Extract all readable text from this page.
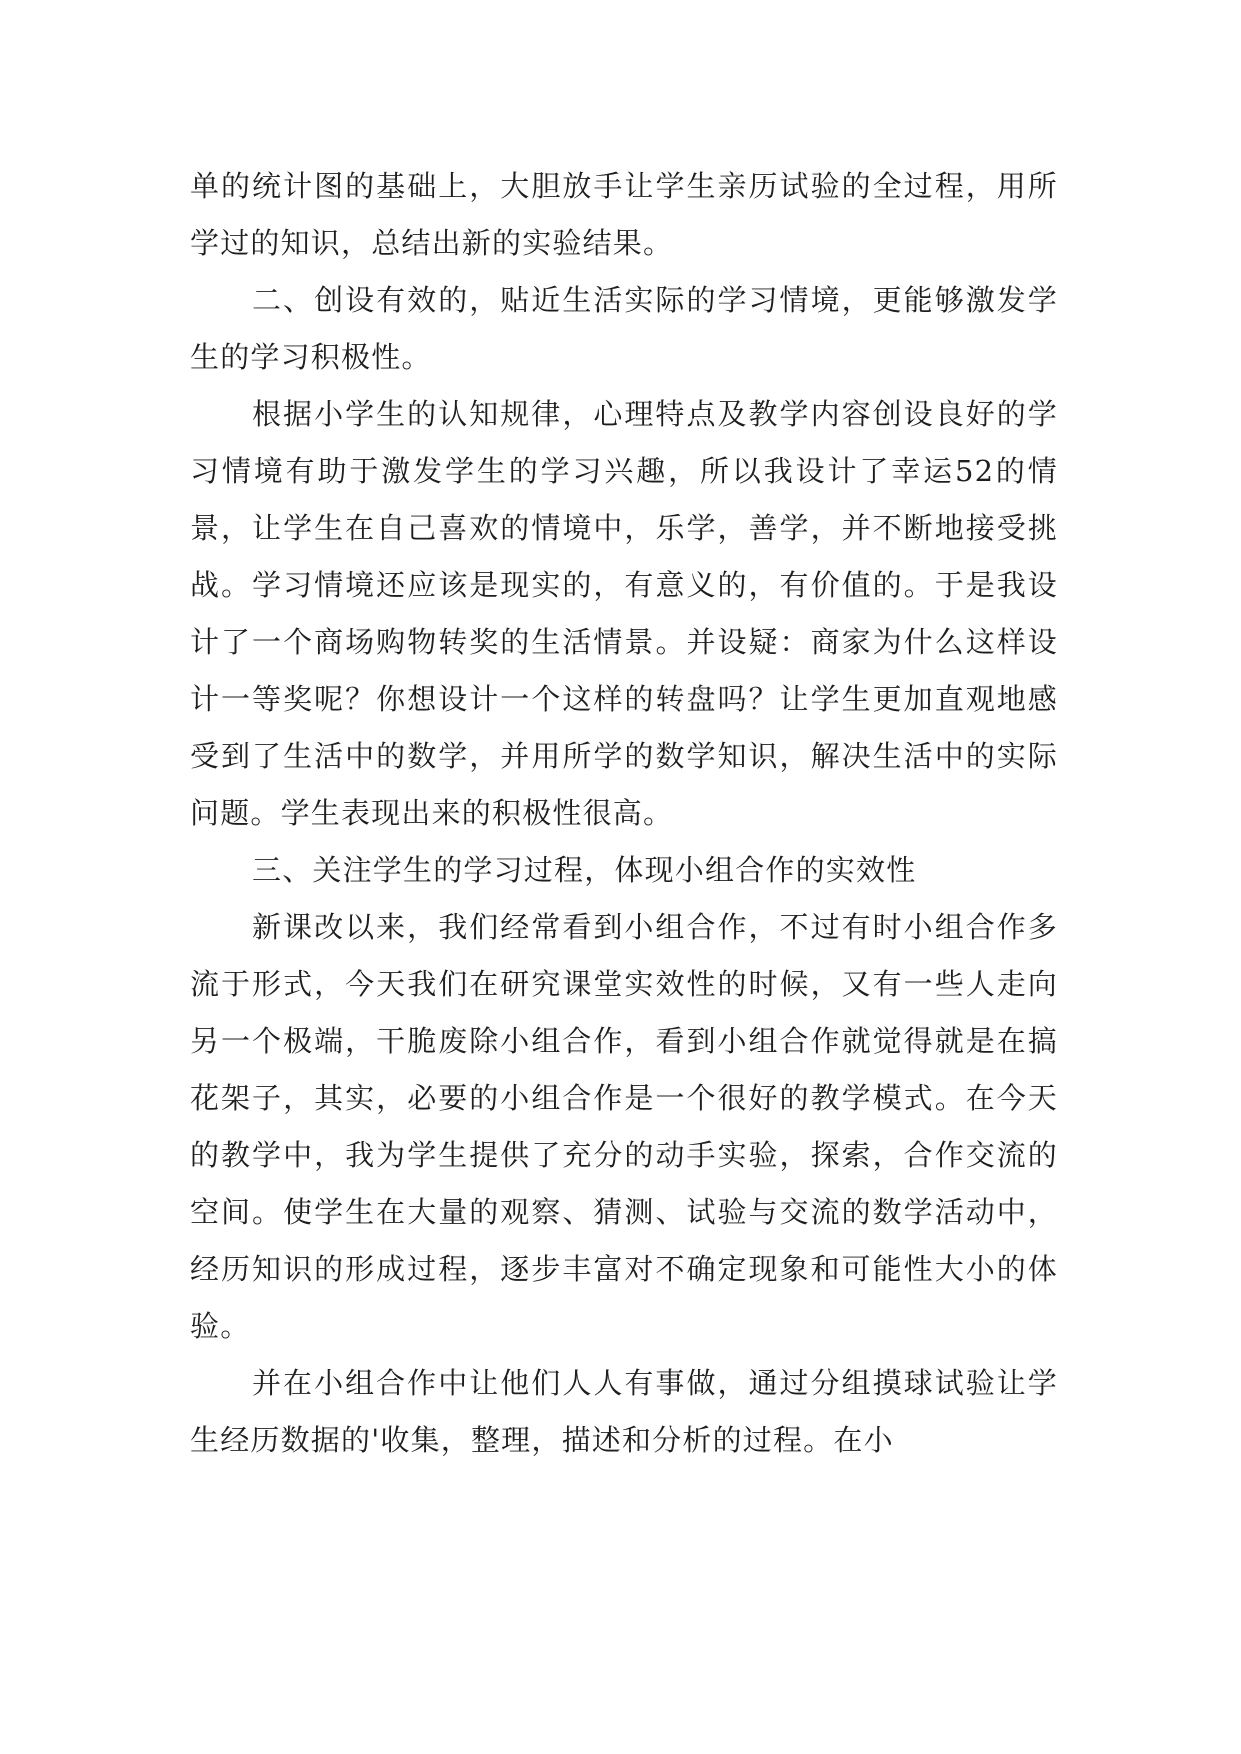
单的统计图的基础上，大胆放手让学生亲历试验的全过程，用所学过的知识，总结出新的实验结果。

二、创设有效的，贴近生活实际的学习情境，更能够激发学生的学习积极性。

根据小学生的认知规律，心理特点及教学内容创设良好的学习情境有助于激发学生的学习兴趣，所以我设计了幸运52的情景，让学生在自己喜欢的情境中，乐学，善学，并不断地接受挑战。学习情境还应该是现实的，有意义的，有价值的。于是我设计了一个商场购物转奖的生活情景。并设疑：商家为什么这样设计一等奖呢？你想设计一个这样的转盘吗？让学生更加直观地感受到了生活中的数学，并用所学的数学知识，解决生活中的实际问题。学生表现出来的积极性很高。

三、关注学生的学习过程，体现小组合作的实效性

新课改以来，我们经常看到小组合作，不过有时小组合作多流于形式，今天我们在研究课堂实效性的时候，又有一些人走向另一个极端，干脆废除小组合作，看到小组合作就觉得就是在搞花架子，其实，必要的小组合作是一个很好的教学模式。在今天的教学中，我为学生提供了充分的动手实验，探索，合作交流的空间。使学生在大量的观察、猜测、试验与交流的数学活动中，经历知识的形成过程，逐步丰富对不确定现象和可能性大小的体验。

并在小组合作中让他们人人有事做，通过分组摸球试验让学生经历数据的'收集，整理，描述和分析的过程。在小
